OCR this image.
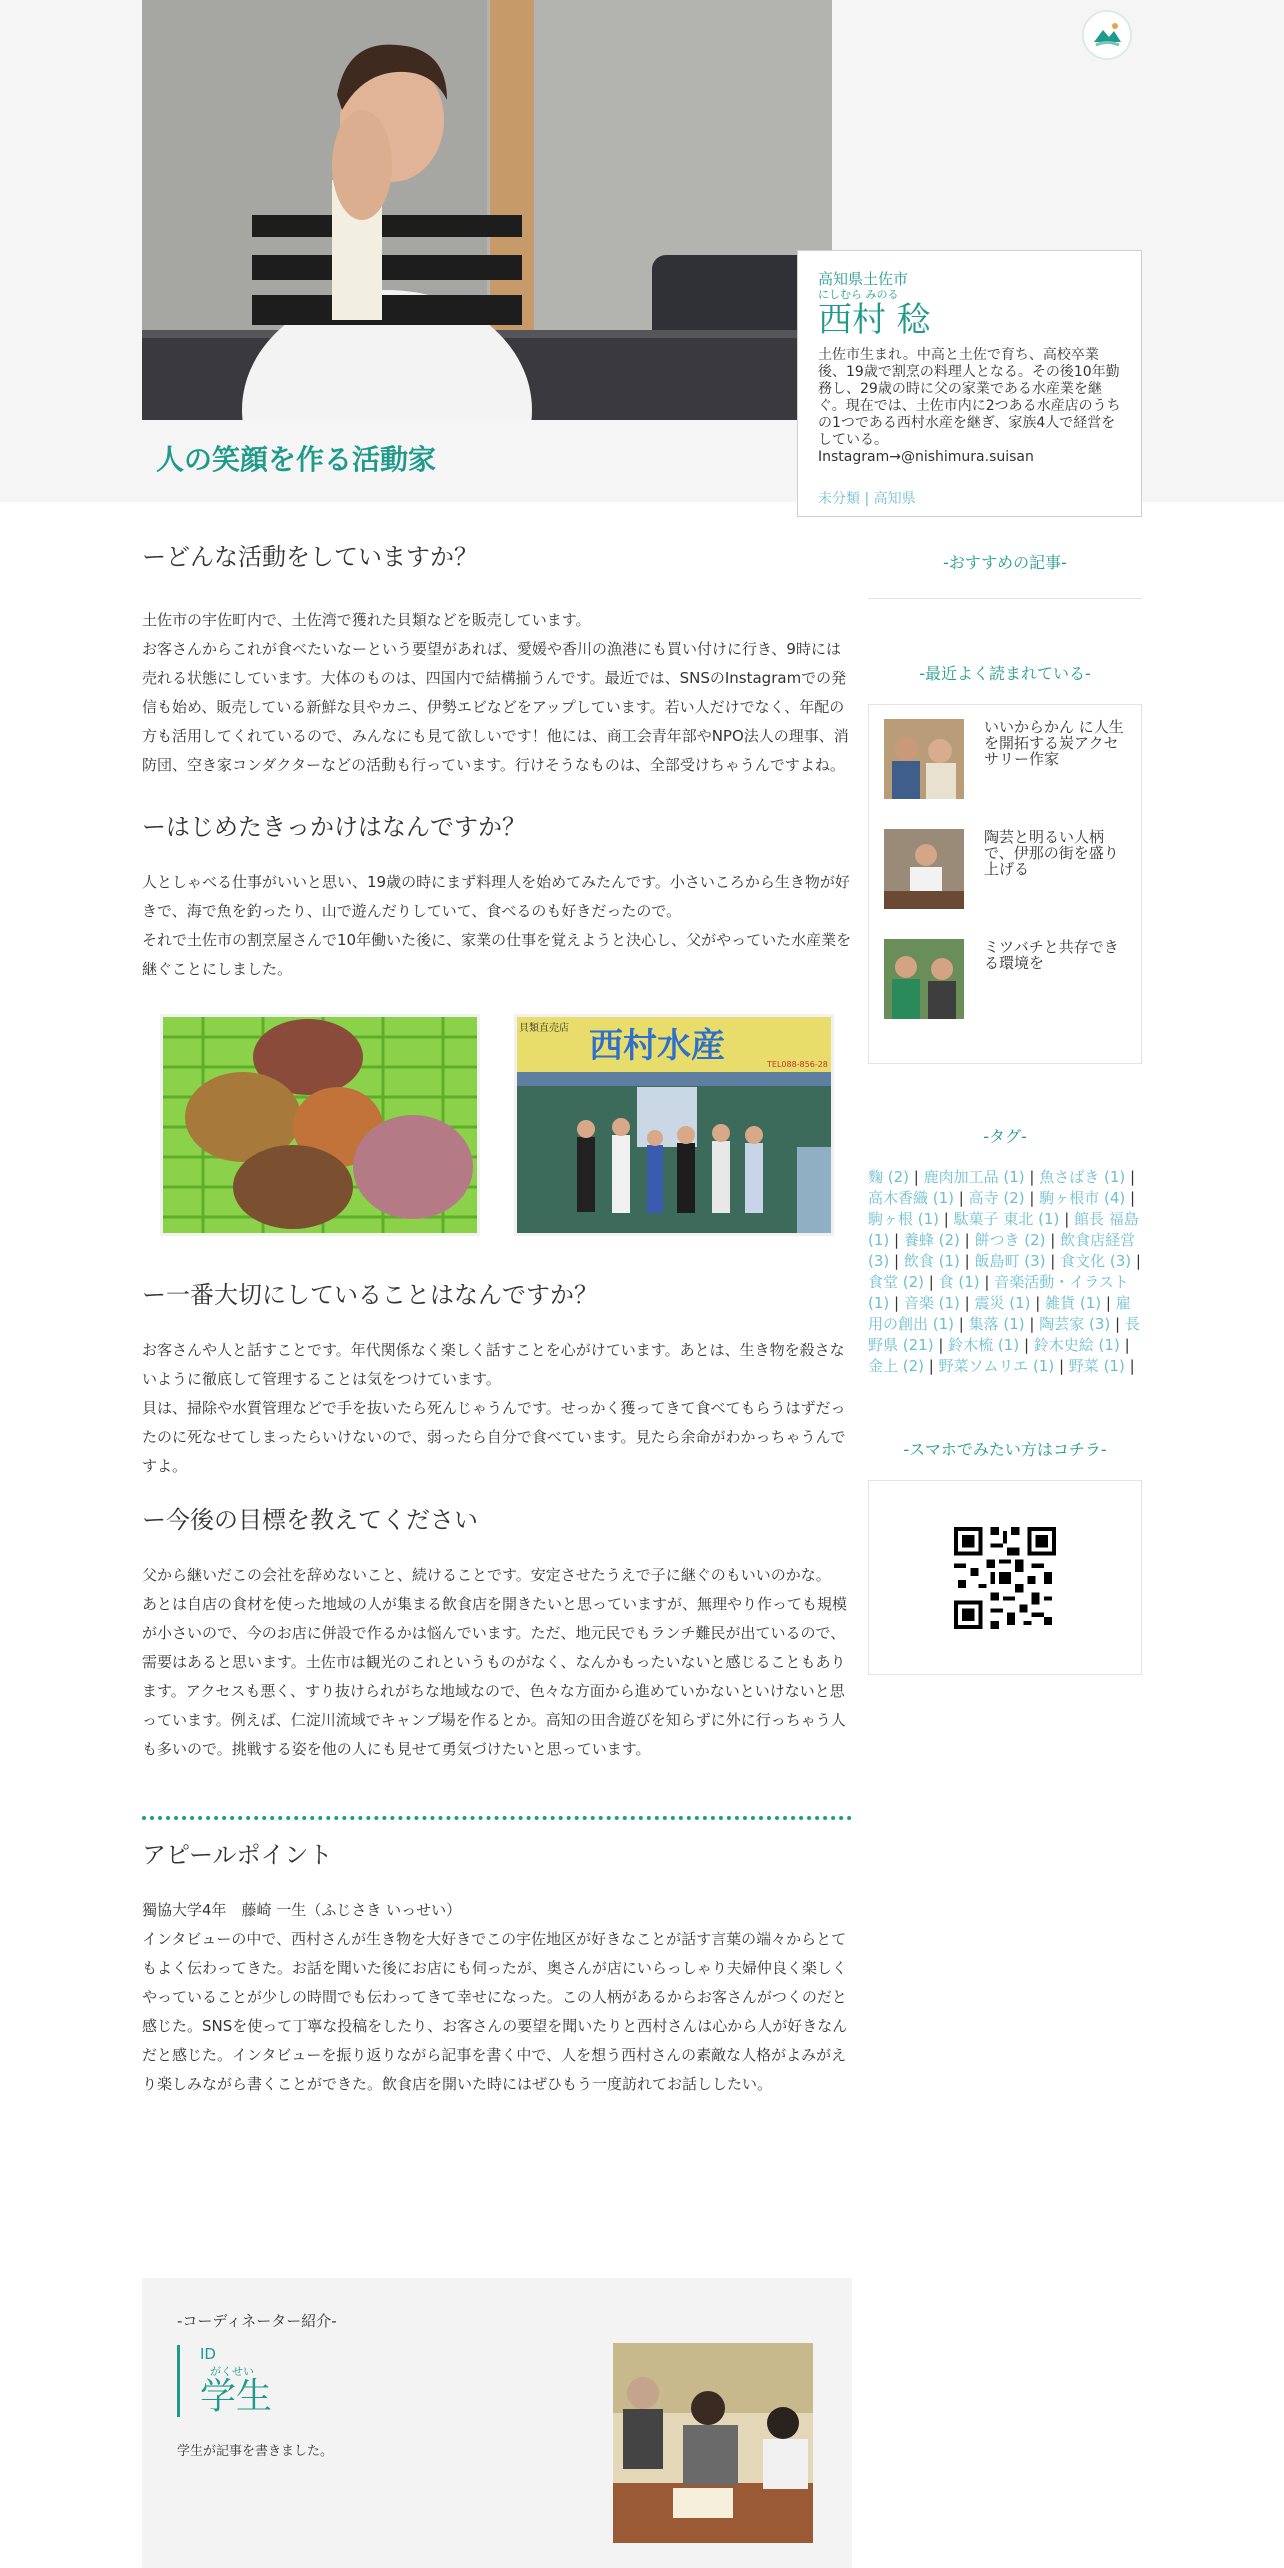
人の笑顔を作る活動家
高知県土佐市
にしむら みのる
西村 稔
土佐市生まれ。中高と土佐で育ち、高校卒業後、19歳で割烹の料理人となる。その後10年勤務し、29歳の時に父の家業である水産業を継ぐ。現在では、土佐市内に2つある水産店のうちの1つである西村水産を継ぎ、家族4人で経営をしている。
Instagram→@nishimura.suisan
未分類 | 高知県
ーどんな活動をしていますか？

土佐市の宇佐町内で、土佐湾で獲れた貝類などを販売しています。

お客さんからこれが食べたいなーという要望があれば、愛媛や香川の漁港にも買い付けに行き、9時には売れる状態にしています。大体のものは、四国内で結構揃うんです。最近では、SNSのInstagramでの発信も始め、販売している新鮮な貝やカニ、伊勢エビなどをアップしています。若い人だけでなく、年配の方も活用してくれているので、みんなにも見て欲しいです！他には、商工会青年部やNPO法人の理事、消防団、空き家コンダクターなどの活動も行っています。行けそうなものは、全部受けちゃうんですよね。

ーはじめたきっかけはなんですか？

人としゃべる仕事がいいと思い、19歳の時にまず料理人を始めてみたんです。小さいころから生き物が好きで、海で魚を釣ったり、山で遊んだりしていて、食べるのも好きだったので。

それで土佐市の割烹屋さんで10年働いた後に、家業の仕事を覚えようと決心し、父がやっていた水産業を継ぐことにしました。

西村水産
貝類直売店
TEL088-856-28
ー一番大切にしていることはなんですか？

お客さんや人と話すことです。年代関係なく楽しく話すことを心がけています。あとは、生き物を殺さないように徹底して管理することは気をつけています。

貝は、掃除や水質管理などで手を抜いたら死んじゃうんです。せっかく獲ってきて食べてもらうはずだったのに死なせてしまったらいけないので、弱ったら自分で食べています。見たら余命がわかっちゃうんですよ。

ー今後の目標を教えてください

父から継いだこの会社を辞めないこと、続けることです。安定させたうえで子に継ぐのもいいのかな。

あとは自店の食材を使った地域の人が集まる飲食店を開きたいと思っていますが、無理やり作っても規模が小さいので、今のお店に併設で作るかは悩んでいます。ただ、地元民でもランチ難民が出ているので、需要はあると思います。土佐市は観光のこれというものがなく、なんかもったいないと感じることもあります。アクセスも悪く、すり抜けられがちな地域なので、色々な方面から進めていかないといけないと思っています。例えば、仁淀川流域でキャンプ場を作るとか。高知の田舎遊びを知らずに外に行っちゃう人も多いので。挑戦する姿を他の人にも見せて勇気づけたいと思っています。

アピールポイント

獨協大学4年　藤崎 一生（ふじさき いっせい）

インタビューの中で、西村さんが生き物を大好きでこの宇佐地区が好きなことが話す言葉の端々からとてもよく伝わってきた。お話を聞いた後にお店にも伺ったが、奥さんが店にいらっしゃり夫婦仲良く楽しくやっていることが少しの時間でも伝わってきて幸せになった。この人柄があるからお客さんがつくのだと感じた。SNSを使って丁寧な投稿をしたり、お客さんの要望を聞いたりと西村さんは心から人が好きなんだと感じた。インタビューを振り返りながら記事を書く中で、人を想う西村さんの素敵な人格がよみがえり楽しみながら書くことができた。飲食店を開いた時にはぜひもう一度訪れてお話ししたい。

-おすすめの記事-
-最近よく読まれている-
いいからかん に人生を開拓する炭アクセサリー作家
陶芸と明るい人柄で、伊那の街を盛り上げる
ミツバチと共存できる環境を
-タグ-
麴 (2) | 鹿肉加工品 (1) | 魚さばき (1) | 高木香織 (1) | 高寺 (2) | 駒ヶ根市 (4) | 駒ヶ根 (1) | 駄菓子 東北 (1) | 館長 福島 (1) | 養蜂 (2) | 餅つき (2) | 飲食店経営 (3) | 飲食 (1) | 飯島町 (3) | 食文化 (3) | 食堂 (2) | 食 (1) | 音楽活動・イラスト (1) | 音楽 (1) | 震災 (1) | 雑貨 (1) | 雇用の創出 (1) | 集落 (1) | 陶芸家 (3) | 長野県 (21) | 鈴木梳 (1) | 鈴木史絵 (1) | 金上 (2) | 野菜ソムリエ (1) | 野菜 (1) |
-スマホでみたい方はコチラ-
-コーディネーター紹介-
ID
がくせい
学生
学生が記事を書きました。
